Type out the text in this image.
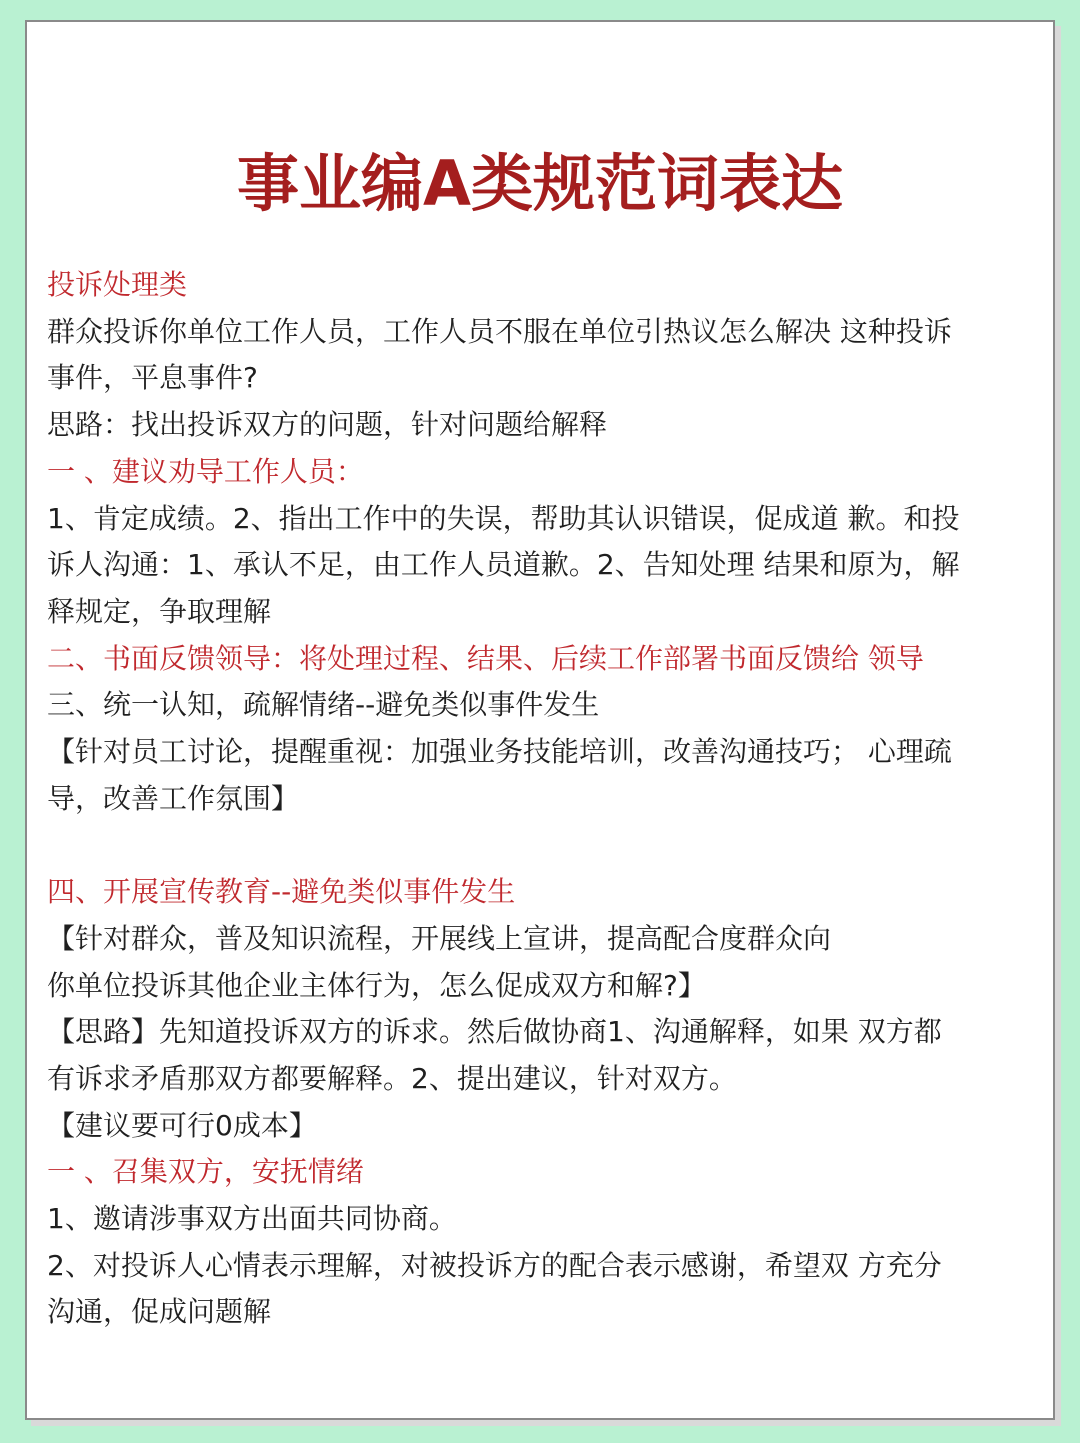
事业编A类规范词表达

投诉处理类

群众投诉你单位工作人员，工作人员不服在单位引热议怎么解决 这种投诉

事件，平息事件?

思路：找出投诉双方的问题，针对问题给解释

一 、建议劝导工作人员：

1、肯定成绩。2、指出工作中的失误，帮助其认识错误，促成道 歉。和投

诉人沟通：1、承认不足，由工作人员道歉。2、告知处理 结果和原为，解

释规定，争取理解

二、书面反馈领导：将处理过程、结果、后续工作部署书面反馈给 领导

三、统一认知，疏解情绪--避免类似事件发生

【针对员工讨论，提醒重视：加强业务技能培训，改善沟通技巧； 心理疏

导，改善工作氛围】

四、开展宣传教育--避免类似事件发生

【针对群众，普及知识流程，开展线上宣讲，提高配合度群众向

你单位投诉其他企业主体行为，怎么促成双方和解?】

【思路】先知道投诉双方的诉求。然后做协商1、沟通解释，如果 双方都

有诉求矛盾那双方都要解释。2、提出建议，针对双方。

【建议要可行0成本】

一 、召集双方，安抚情绪

1、邀请涉事双方出面共同协商。

2、对投诉人心情表示理解，对被投诉方的配合表示感谢，希望双 方充分

沟通，促成问题解
